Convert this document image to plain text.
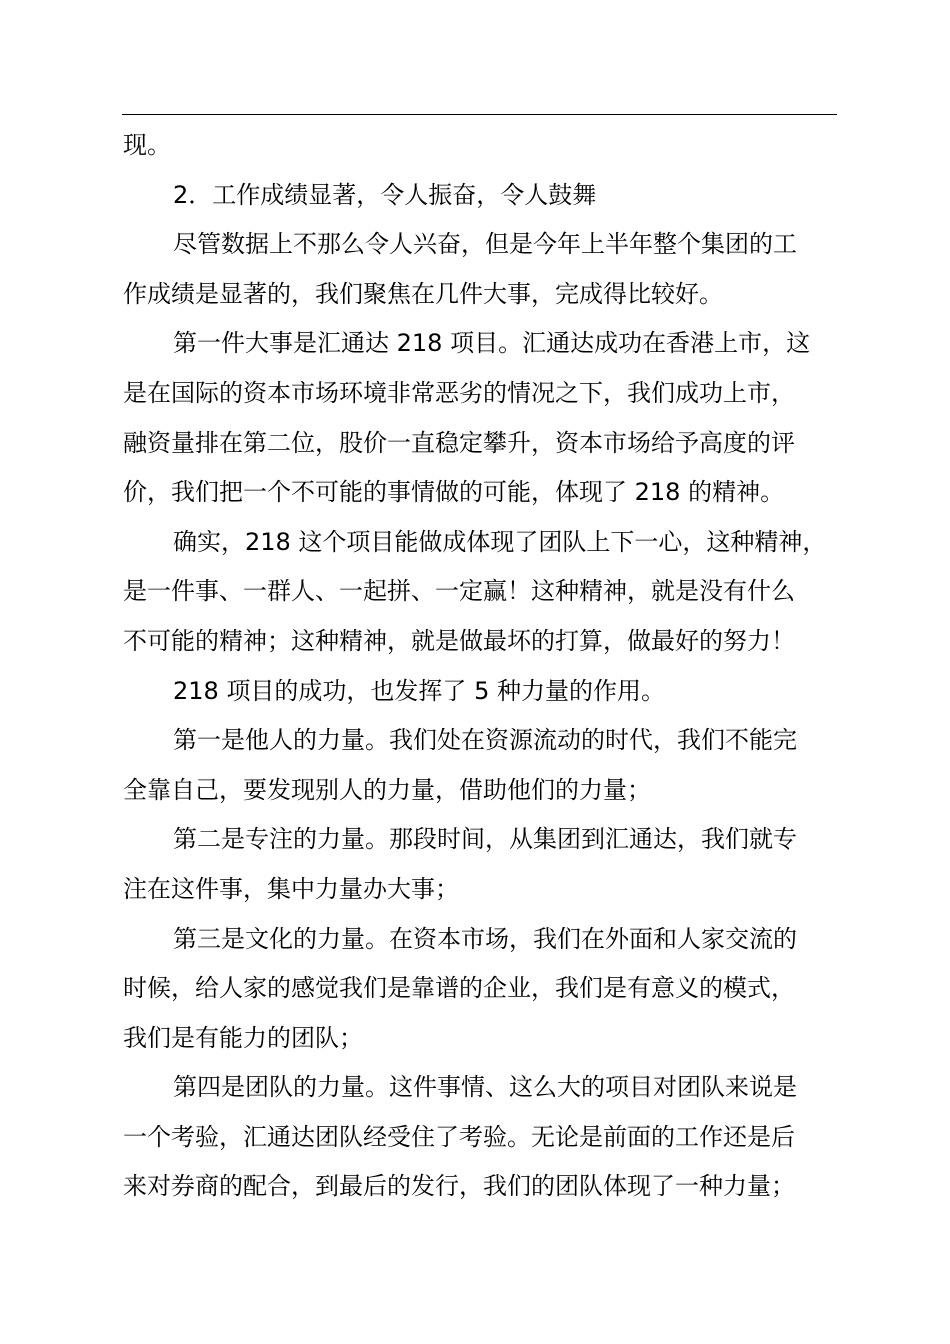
现。
2．工作成绩显著，令人振奋，令人鼓舞
尽管数据上不那么令人兴奋，但是今年上半年整个集团的工
作成绩是显著的，我们聚焦在几件大事，完成得比较好。
第一件大事是汇通达 218 项目。汇通达成功在香港上市，这
是在国际的资本市场环境非常恶劣的情况之下，我们成功上市，
融资量排在第二位，股价一直稳定攀升，资本市场给予高度的评
价，我们把一个不可能的事情做的可能，体现了 218 的精神。
确实，218 这个项目能做成体现了团队上下一心，这种精神，
是一件事、一群人、一起拼、一定赢！这种精神，就是没有什么
不可能的精神；这种精神，就是做最坏的打算，做最好的努力！
218 项目的成功，也发挥了 5 种力量的作用。
第一是他人的力量。我们处在资源流动的时代，我们不能完
全靠自己，要发现别人的力量，借助他们的力量；
第二是专注的力量。那段时间，从集团到汇通达，我们就专
注在这件事，集中力量办大事；
第三是文化的力量。在资本市场，我们在外面和人家交流的
时候，给人家的感觉我们是靠谱的企业，我们是有意义的模式，
我们是有能力的团队；
第四是团队的力量。这件事情、这么大的项目对团队来说是
一个考验，汇通达团队经受住了考验。无论是前面的工作还是后
来对券商的配合，到最后的发行，我们的团队体现了一种力量；
